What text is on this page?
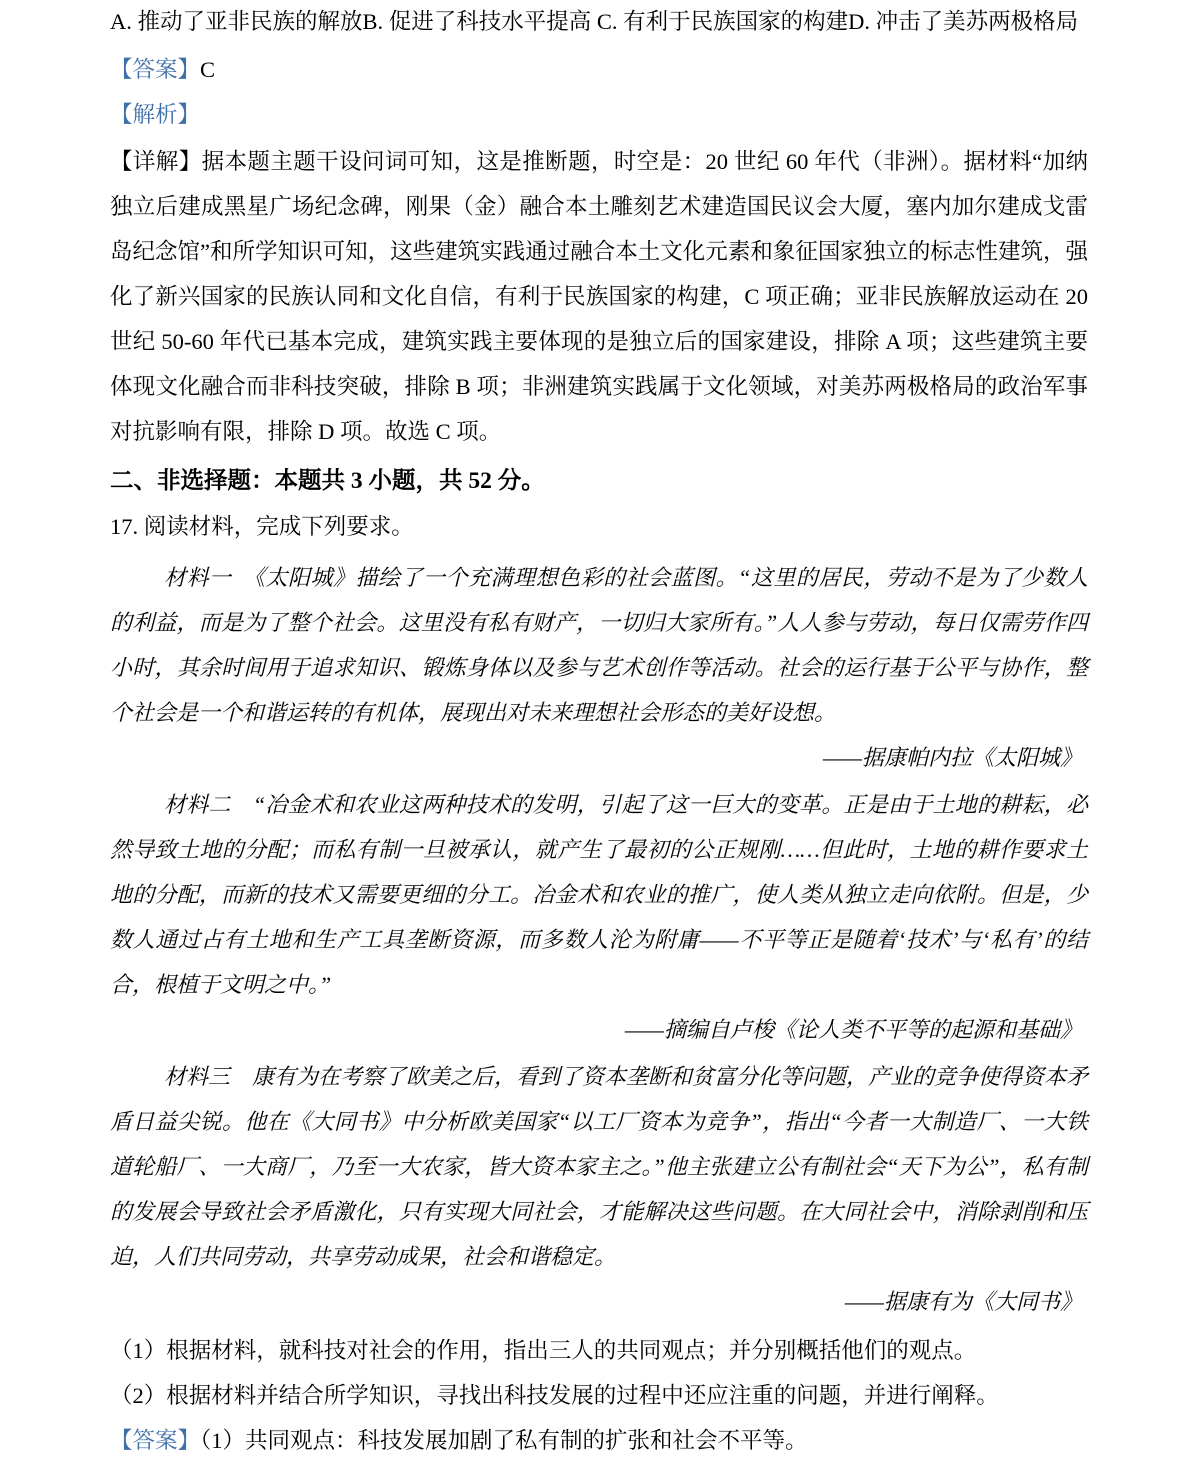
A. 推动了亚非民族的解放B. 促进了科技水平提高 C. 有利于民族国家的构建D. 冲击了美苏两极格局
【答案】C
【解析】
【详解】据本题主题干设问词可知，这是推断题，时空是：20 世纪 60 年代（非洲）。据材料“加纳独立后建成黑星广场纪念碑，刚果（金）融合本土雕刻艺术建造国民议会大厦，塞内加尔建成戈雷岛纪念馆”和所学知识可知，这些建筑实践通过融合本土文化元素和象征国家独立的标志性建筑，强化了新兴国家的民族认同和文化自信，有利于民族国家的构建，C 项正确；亚非民族解放运动在 20 世纪 50-60 年代已基本完成，建筑实践主要体现的是独立后的国家建设，排除 A 项；这些建筑主要体现文化融合而非科技突破，排除 B 项；非洲建筑实践属于文化领域，对美苏两极格局的政治军事对抗影响有限，排除 D 项。故选 C 项。
二、非选择题：本题共 3 小题，共 52 分。
17. 阅读材料，完成下列要求。
材料一　《太阳城》描绘了一个充满理想色彩的社会蓝图。“这里的居民，劳动不是为了少数人的利益，而是为了整个社会。这里没有私有财产，一切归大家所有。”人人参与劳动，每日仅需劳作四小时，其余时间用于追求知识、锻炼身体以及参与艺术创作等活动。社会的运行基于公平与协作，整个社会是一个和谐运转的有机体，展现出对未来理想社会形态的美好设想。
——据康帕内拉《太阳城》
材料二　“冶金术和农业这两种技术的发明，引起了这一巨大的变革。正是由于土地的耕耘，必然导致土地的分配；而私有制一旦被承认，就产生了最初的公正规刚……但此时，土地的耕作要求土地的分配，而新的技术又需要更细的分工。冶金术和农业的推广，使人类从独立走向依附。但是，少数人通过占有土地和生产工具垄断资源，而多数人沦为附庸——不平等正是随着‘技术’与‘私有’的结合，根植于文明之中。”
——摘编自卢梭《论人类不平等的起源和基础》
材料三　康有为在考察了欧美之后，看到了资本垄断和贫富分化等问题，产业的竞争使得资本矛盾日益尖锐。他在《大同书》中分析欧美国家“以工厂资本为竞争”，指出“今者一大制造厂、一大铁道轮船厂、一大商厂，乃至一大农家，皆大资本家主之。”他主张建立公有制社会“天下为公”，私有制的发展会导致社会矛盾激化，只有实现大同社会，才能解决这些问题。在大同社会中，消除剥削和压迫，人们共同劳动，共享劳动成果，社会和谐稳定。
——据康有为《大同书》
（1）根据材料，就科技对社会的作用，指出三人的共同观点；并分别概括他们的观点。
（2）根据材料并结合所学知识，寻找出科技发展的过程中还应注重的问题，并进行阐释。
【答案】（1）共同观点：科技发展加剧了私有制的扩张和社会不平等。
